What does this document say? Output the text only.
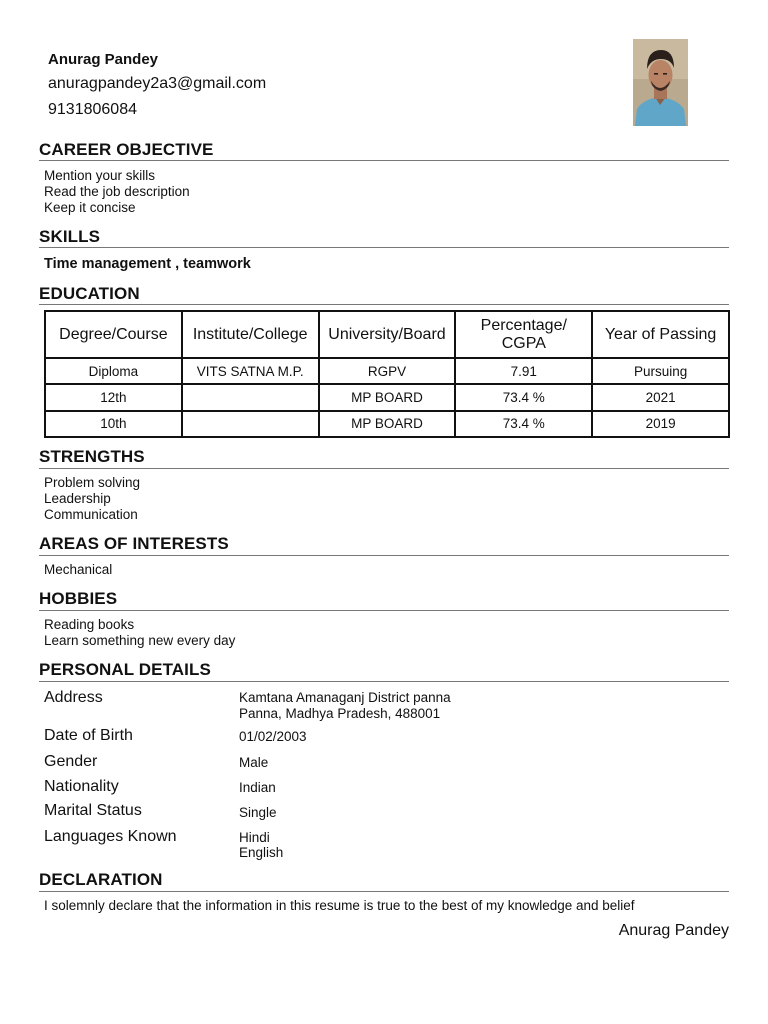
Anurag Pandey
anuragpandey2a3@gmail.com
9131806084
CAREER OBJECTIVE
Mention your skills
Read the job description
Keep it concise
SKILLS
Time management , teamwork
EDUCATION
Degree/Course	Institute/College	University/Board	Percentage/ CGPA	Year of Passing
Diploma	VITS SATNA M.P.	RGPV	7.91	Pursuing
12th		MP BOARD	73.4 %	2021
10th		MP BOARD	73.4 %	2019
STRENGTHS
Problem solving
Leadership
Communication
AREAS OF INTERESTS
Mechanical
HOBBIES
Reading books
Learn something new every day
PERSONAL DETAILS
Address	Kamtana Amanaganj District panna
Panna, Madhya Pradesh, 488001
Date of Birth	01/02/2003
Gender	Male
Nationality	Indian
Marital Status	Single
Languages Known	Hindi
English
DECLARATION
I solemnly declare that the information in this resume is true to the best of my knowledge and belief
Anurag Pandey
